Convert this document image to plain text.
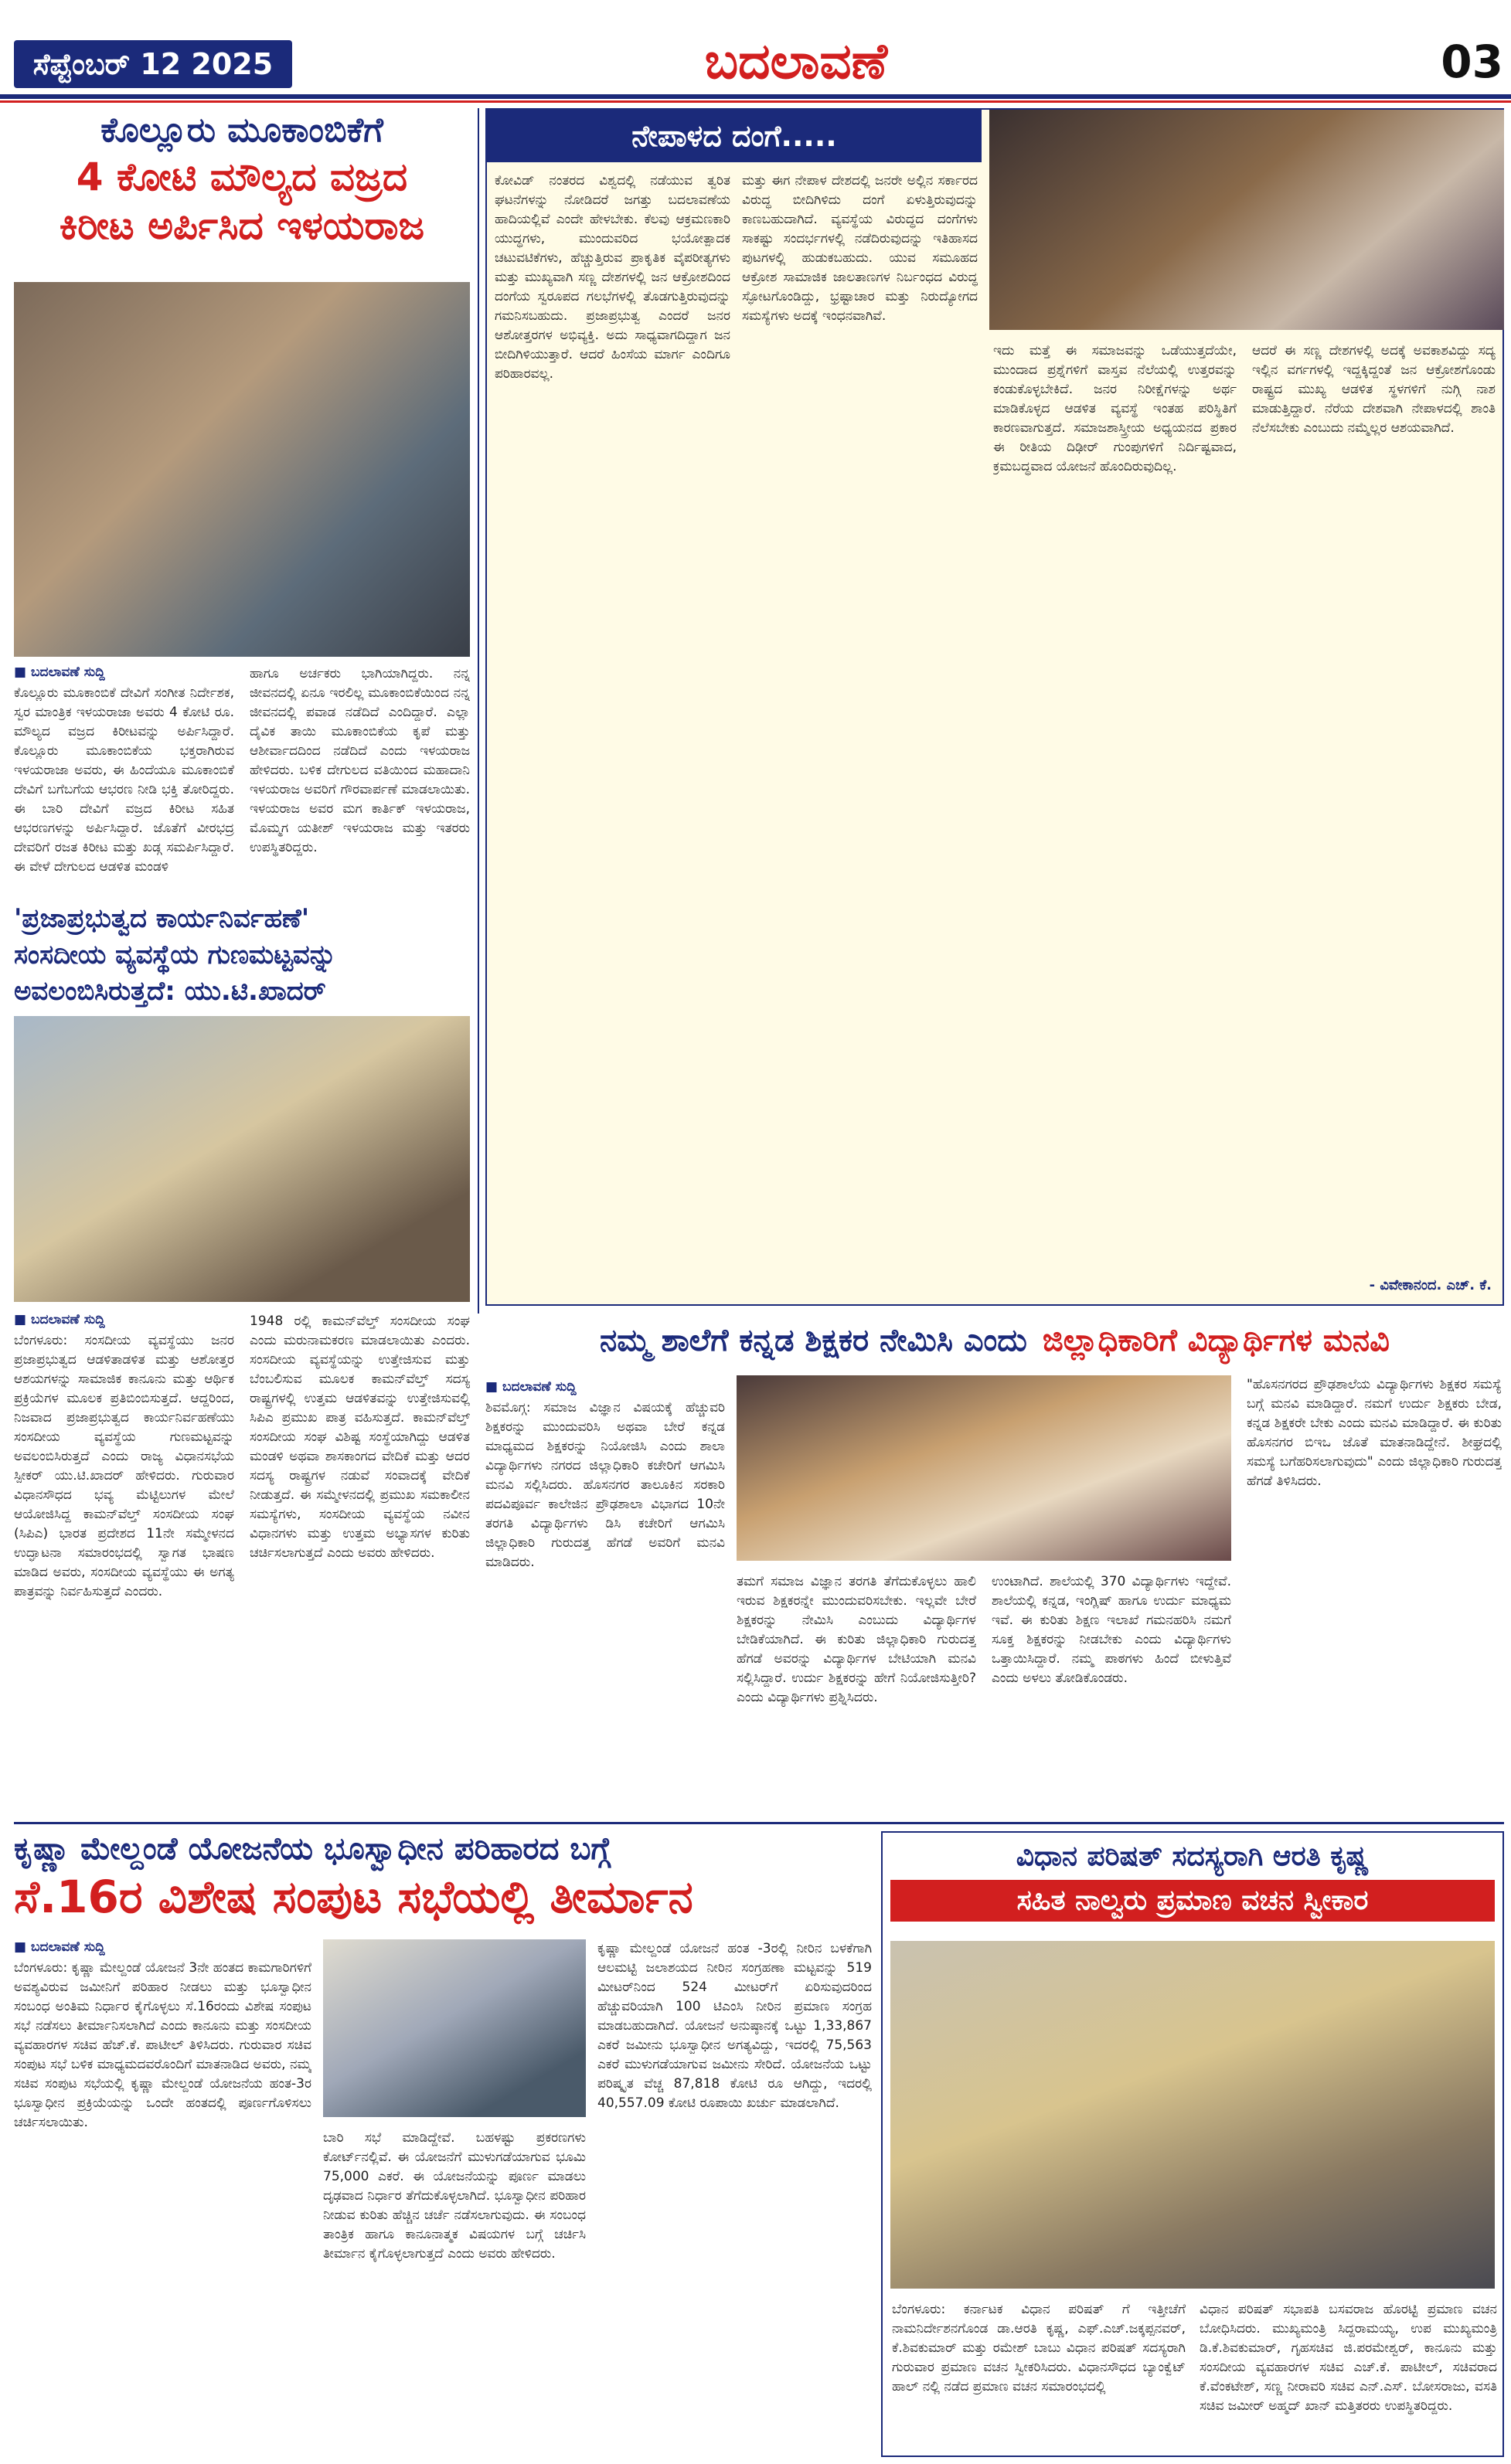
ಸೆಪ್ಟೆಂಬರ್ 12 2025	ಬದಲಾವಣೆ	03
ಕೊಲ್ಲೂರು ಮೂಕಾಂಬಿಕೆಗೆ
4 ಕೋಟಿ ಮೌಲ್ಯದ ವಜ್ರದ
ಕಿರೀಟ ಅರ್ಪಿಸಿದ ಇಳಯರಾಜ
■ ಬದಲಾವಣೆ ಸುದ್ದಿ
ಕೊಲ್ಲೂರು ಮೂಕಾಂಬಿಕೆ ದೇವಿಗೆ ಸಂಗೀತ ನಿರ್ದೇಶಕ, ಸ್ವರ ಮಾಂತ್ರಿಕ ಇಳಯರಾಜಾ ಅವರು 4 ಕೋಟಿ ರೂ. ಮೌಲ್ಯದ ವಜ್ರದ ಕಿರೀಟವನ್ನು ಅರ್ಪಿಸಿದ್ದಾರೆ. ಕೊಲ್ಲೂರು ಮೂಕಾಂಬಿಕೆಯ ಭಕ್ತರಾಗಿರುವ ಇಳಯರಾಜಾ ಅವರು, ಈ ಹಿಂದೆಯೂ ಮೂಕಾಂಬಿಕೆ ದೇವಿಗೆ ಬಗೆಬಗೆಯ ಆಭರಣ ನೀಡಿ ಭಕ್ತಿ ತೋರಿದ್ದರು. ಈ ಬಾರಿ ದೇವಿಗೆ ವಜ್ರದ ಕಿರೀಟ ಸಹಿತ ಆಭರಣಗಳನ್ನು ಅರ್ಪಿಸಿದ್ದಾರೆ. ಜೊತೆಗೆ ವೀರಭದ್ರ ದೇವರಿಗೆ ರಜತ ಕಿರೀಟ ಮತ್ತು ಖಡ್ಗ ಸಮರ್ಪಿಸಿದ್ದಾರೆ. ಈ ವೇಳೆ ದೇಗುಲದ ಆಡಳಿತ ಮಂಡಳಿ
ಹಾಗೂ ಅರ್ಚಕರು ಭಾಗಿಯಾಗಿದ್ದರು. ನನ್ನ ಜೀವನದಲ್ಲಿ ಏನೂ ಇರಲಿಲ್ಲ ಮೂಕಾಂಬಿಕೆಯಿಂದ ನನ್ನ ಜೀವನದಲ್ಲಿ ಪವಾಡ ನಡೆದಿದೆ ಎಂದಿದ್ದಾರೆ. ಎಲ್ಲಾ ದೈವಿಕ ತಾಯಿ ಮೂಕಾಂಬಿಕೆಯ ಕೃಪೆ ಮತ್ತು ಆಶೀರ್ವಾದದಿಂದ ನಡೆದಿದೆ ಎಂದು ಇಳಯರಾಜ ಹೇಳಿದರು. ಬಳಿಕ ದೇಗುಲದ ವತಿಯಿಂದ ಮಹಾದಾನಿ ಇಳಯರಾಜ ಅವರಿಗೆ ಗೌರವಾರ್ಪಣೆ ಮಾಡಲಾಯಿತು. ಇಳಯರಾಜ ಅವರ ಮಗ ಕಾರ್ತಿಕ್ ಇಳಯರಾಜ, ಮೊಮ್ಮಗ ಯತೀಶ್ ಇಳಯರಾಜ ಮತ್ತು ಇತರರು ಉಪಸ್ಥಿತರಿದ್ದರು.
ನೇಪಾಳದ ದಂಗೆ.....
ಕೋವಿಡ್ ನಂತರದ ವಿಶ್ವದಲ್ಲಿ ನಡೆಯುವ ತ್ವರಿತ ಘಟನೆಗಳನ್ನು ನೋಡಿದರೆ ಜಗತ್ತು ಬದಲಾವಣೆಯ ಹಾದಿಯಲ್ಲಿವೆ ಎಂದೇ ಹೇಳಬೇಕು. ಕೆಲವು ಆಕ್ರಮಣಕಾರಿ ಯುದ್ಧಗಳು, ಮುಂದುವರಿದ ಭಯೋತ್ಪಾದಕ ಚಟುವಟಿಕೆಗಳು, ಹೆಚ್ಚುತ್ತಿರುವ ಪ್ರಾಕೃತಿಕ ವೈಪರೀತ್ಯಗಳು ಮತ್ತು ಮುಖ್ಯವಾಗಿ ಸಣ್ಣ ದೇಶಗಳಲ್ಲಿ ಜನ ಆಕ್ರೋಶದಿಂದ ದಂಗೆಯ ಸ್ವರೂಪದ ಗಲಭೆಗಳಲ್ಲಿ ತೊಡಗುತ್ತಿರುವುದನ್ನು ಗಮನಿಸಬಹುದು. ಪ್ರಜಾಪ್ರಭುತ್ವ ಎಂದರೆ ಜನರ ಆಶೋತ್ತರಗಳ ಅಭಿವ್ಯಕ್ತಿ. ಅದು ಸಾಧ್ಯವಾಗದಿದ್ದಾಗ ಜನ ಬೀದಿಗಿಳಿಯುತ್ತಾರೆ. ಆದರೆ ಹಿಂಸೆಯ ಮಾರ್ಗ ಎಂದಿಗೂ ಪರಿಹಾರವಲ್ಲ.
ಮತ್ತು ಈಗ ನೇಪಾಳ ದೇಶದಲ್ಲಿ ಜನರೇ ಅಲ್ಲಿನ ಸರ್ಕಾರದ ವಿರುದ್ಧ ಬೀದಿಗಿಳಿದು ದಂಗೆ ಏಳುತ್ತಿರುವುದನ್ನು ಕಾಣಬಹುದಾಗಿದೆ. ವ್ಯವಸ್ಥೆಯ ವಿರುದ್ಧದ ದಂಗೆಗಳು ಸಾಕಷ್ಟು ಸಂದರ್ಭಗಳಲ್ಲಿ ನಡೆದಿರುವುದನ್ನು ಇತಿಹಾಸದ ಪುಟಗಳಲ್ಲಿ ಹುಡುಕಬಹುದು. ಯುವ ಸಮೂಹದ ಆಕ್ರೋಶ ಸಾಮಾಜಿಕ ಜಾಲತಾಣಗಳ ನಿರ್ಬಂಧದ ವಿರುದ್ಧ ಸ್ಫೋಟಗೊಂಡಿದ್ದು, ಭ್ರಷ್ಟಾಚಾರ ಮತ್ತು ನಿರುದ್ಯೋಗದ ಸಮಸ್ಯೆಗಳು ಅದಕ್ಕೆ ಇಂಧನವಾಗಿವೆ.
ಇದು ಮತ್ತೆ ಈ ಸಮಾಜವನ್ನು ಒಡೆಯುತ್ತದೆಯೇ, ಮುಂದಾದ ಪ್ರಶ್ನೆಗಳಿಗೆ ವಾಸ್ತವ ನೆಲೆಯಲ್ಲಿ ಉತ್ತರವನ್ನು ಕಂಡುಕೊಳ್ಳಬೇಕಿದೆ. ಜನರ ನಿರೀಕ್ಷೆಗಳನ್ನು ಅರ್ಥ ಮಾಡಿಕೊಳ್ಳದ ಆಡಳಿತ ವ್ಯವಸ್ಥೆ ಇಂತಹ ಪರಿಸ್ಥಿತಿಗೆ ಕಾರಣವಾಗುತ್ತದೆ. ಸಮಾಜಶಾಸ್ತ್ರೀಯ ಅಧ್ಯಯನದ ಪ್ರಕಾರ ಈ ರೀತಿಯ ದಿಢೀರ್ ಗುಂಪುಗಳಿಗೆ ನಿರ್ದಿಷ್ಟವಾದ, ಕ್ರಮಬದ್ಧವಾದ ಯೋಜನೆ ಹೊಂದಿರುವುದಿಲ್ಲ.
ಆದರೆ ಈ ಸಣ್ಣ ದೇಶಗಳಲ್ಲಿ ಅದಕ್ಕೆ ಅವಕಾಶವಿದ್ದು ಸದ್ಯ ಇಲ್ಲಿನ ವರ್ಗಗಳಲ್ಲಿ ಇದ್ದಕ್ಕಿದ್ದಂತೆ ಜನ ಆಕ್ರೋಶಗೊಂಡು ರಾಷ್ಟ್ರದ ಮುಖ್ಯ ಆಡಳಿತ ಸ್ಥಳಗಳಿಗೆ ನುಗ್ಗಿ ನಾಶ ಮಾಡುತ್ತಿದ್ದಾರೆ. ನೆರೆಯ ದೇಶವಾಗಿ ನೇಪಾಳದಲ್ಲಿ ಶಾಂತಿ ನೆಲೆಸಬೇಕು ಎಂಬುದು ನಮ್ಮೆಲ್ಲರ ಆಶಯವಾಗಿದೆ.
- ವಿವೇಕಾನಂದ. ಎಚ್. ಕೆ.
'ಪ್ರಜಾಪ್ರಭುತ್ವದ ಕಾರ್ಯನಿರ್ವಹಣೆ'
ಸಂಸದೀಯ ವ್ಯವಸ್ಥೆಯ ಗುಣಮಟ್ಟವನ್ನು
ಅವಲಂಬಿಸಿರುತ್ತದೆ: ಯು.ಟಿ.ಖಾದರ್
■ ಬದಲಾವಣೆ ಸುದ್ದಿ
ಬೆಂಗಳೂರು: ಸಂಸದೀಯ ವ್ಯವಸ್ಥೆಯು ಜನರ ಪ್ರಜಾಪ್ರಭುತ್ವದ ಆಡಳಿತಾಡಳಿತ ಮತ್ತು ಆಶೋತ್ತರ ಆಶಯಗಳನ್ನು ಸಾಮಾಜಿಕ ಕಾನೂನು ಮತ್ತು ಆರ್ಥಿಕ ಪ್ರಕ್ರಿಯೆಗಳ ಮೂಲಕ ಪ್ರತಿಬಿಂಬಿಸುತ್ತದೆ. ಆದ್ದರಿಂದ, ನಿಜವಾದ ಪ್ರಜಾಪ್ರಭುತ್ವದ ಕಾರ್ಯನಿರ್ವಹಣೆಯು ಸಂಸದೀಯ ವ್ಯವಸ್ಥೆಯ ಗುಣಮಟ್ಟವನ್ನು ಅವಲಂಬಿಸಿರುತ್ತದೆ ಎಂದು ರಾಜ್ಯ ವಿಧಾನಸಭೆಯ ಸ್ಪೀಕರ್ ಯು.ಟಿ.ಖಾದರ್ ಹೇಳಿದರು. ಗುರುವಾರ ವಿಧಾನಸೌಧದ ಭವ್ಯ ಮೆಟ್ಟಿಲುಗಳ ಮೇಲೆ ಆಯೋಜಿಸಿದ್ದ ಕಾಮನ್‌ವೆಲ್ತ್ ಸಂಸದೀಯ ಸಂಘ (ಸಿಪಿಎ) ಭಾರತ ಪ್ರದೇಶದ 11ನೇ ಸಮ್ಮೇಳನದ ಉದ್ಘಾಟನಾ ಸಮಾರಂಭದಲ್ಲಿ ಸ್ವಾಗತ ಭಾಷಣ ಮಾಡಿದ ಅವರು, ಸಂಸದೀಯ ವ್ಯವಸ್ಥೆಯು ಈ ಅಗತ್ಯ ಪಾತ್ರವನ್ನು ನಿರ್ವಹಿಸುತ್ತದೆ ಎಂದರು.
1948 ರಲ್ಲಿ ಕಾಮನ್‌ವೆಲ್ತ್ ಸಂಸದೀಯ ಸಂಘ ಎಂದು ಮರುನಾಮಕರಣ ಮಾಡಲಾಯಿತು ಎಂದರು. ಸಂಸದೀಯ ವ್ಯವಸ್ಥೆಯನ್ನು ಉತ್ತೇಜಿಸುವ ಮತ್ತು ಬೆಂಬಲಿಸುವ ಮೂಲಕ ಕಾಮನ್‌ವೆಲ್ತ್ ಸದಸ್ಯ ರಾಷ್ಟ್ರಗಳಲ್ಲಿ ಉತ್ತಮ ಆಡಳಿತವನ್ನು ಉತ್ತೇಜಿಸುವಲ್ಲಿ ಸಿಪಿಎ ಪ್ರಮುಖ ಪಾತ್ರ ವಹಿಸುತ್ತದೆ. ಕಾಮನ್‌ವೆಲ್ತ್ ಸಂಸದೀಯ ಸಂಘ ವಿಶಿಷ್ಟ ಸಂಸ್ಥೆಯಾಗಿದ್ದು ಆಡಳಿತ ಮಂಡಳಿ ಅಥವಾ ಶಾಸಕಾಂಗದ ವೇದಿಕೆ ಮತ್ತು ಆದರ ಸದಸ್ಯ ರಾಷ್ಟ್ರಗಳ ನಡುವೆ ಸಂವಾದಕ್ಕೆ ವೇದಿಕೆ ನೀಡುತ್ತದೆ. ಈ ಸಮ್ಮೇಳನದಲ್ಲಿ ಪ್ರಮುಖ ಸಮಕಾಲೀನ ಸಮಸ್ಯೆಗಳು, ಸಂಸದೀಯ ವ್ಯವಸ್ಥೆಯ ನವೀನ ವಿಧಾನಗಳು ಮತ್ತು ಉತ್ತಮ ಅಭ್ಯಾಸಗಳ ಕುರಿತು ಚರ್ಚಿಸಲಾಗುತ್ತದೆ ಎಂದು ಅವರು ಹೇಳಿದರು.
ನಮ್ಮ ಶಾಲೆಗೆ ಕನ್ನಡ ಶಿಕ್ಷಕರ ನೇಮಿಸಿ ಎಂದು ಜಿಲ್ಲಾಧಿಕಾರಿಗೆ ವಿದ್ಯಾರ್ಥಿಗಳ ಮನವಿ
■ ಬದಲಾವಣೆ ಸುದ್ದಿ
ಶಿವಮೊಗ್ಗ: ಸಮಾಜ ವಿಜ್ಞಾನ ವಿಷಯಕ್ಕೆ ಹೆಚ್ಚುವರಿ ಶಿಕ್ಷಕರನ್ನು ಮುಂದುವರಿಸಿ ಅಥವಾ ಬೇರೆ ಕನ್ನಡ ಮಾಧ್ಯಮದ ಶಿಕ್ಷಕರನ್ನು ನಿಯೋಜಿಸಿ ಎಂದು ಶಾಲಾ ವಿದ್ಯಾರ್ಥಿಗಳು ನಗರದ ಜಿಲ್ಲಾಧಿಕಾರಿ ಕಚೇರಿಗೆ ಆಗಮಿಸಿ ಮನವಿ ಸಲ್ಲಿಸಿದರು. ಹೊಸನಗರ ತಾಲೂಕಿನ ಸರಕಾರಿ ಪದವಿಪೂರ್ವ ಕಾಲೇಜಿನ ಪ್ರೌಢಶಾಲಾ ವಿಭಾಗದ 10ನೇ ತರಗತಿ ವಿದ್ಯಾರ್ಥಿಗಳು ಡಿಸಿ ಕಚೇರಿಗೆ ಆಗಮಿಸಿ ಜಿಲ್ಲಾಧಿಕಾರಿ ಗುರುದತ್ತ ಹೆಗಡೆ ಅವರಿಗೆ ಮನವಿ ಮಾಡಿದರು.
ತಮಗೆ ಸಮಾಜ ವಿಜ್ಞಾನ ತರಗತಿ ತೆಗೆದುಕೊಳ್ಳಲು ಹಾಲಿ ಇರುವ ಶಿಕ್ಷಕರನ್ನೇ ಮುಂದುವರಿಸಬೇಕು. ಇಲ್ಲವೇ ಬೇರೆ ಶಿಕ್ಷಕರನ್ನು ನೇಮಿಸಿ ಎಂಬುದು ವಿದ್ಯಾರ್ಥಿಗಳ ಬೇಡಿಕೆಯಾಗಿದೆ. ಈ ಕುರಿತು ಜಿಲ್ಲಾಧಿಕಾರಿ ಗುರುದತ್ತ ಹೆಗಡೆ ಅವರನ್ನು ವಿದ್ಯಾರ್ಥಿಗಳ ಬೇಟಿಯಾಗಿ ಮನವಿ ಸಲ್ಲಿಸಿದ್ದಾರೆ. ಉರ್ದು ಶಿಕ್ಷಕರನ್ನು ಹೇಗೆ ನಿಯೋಜಿಸುತ್ತೀರಿ? ಎಂದು ವಿದ್ಯಾರ್ಥಿಗಳು ಪ್ರಶ್ನಿಸಿದರು.
ಉಂಟಾಗಿದೆ. ಶಾಲೆಯಲ್ಲಿ 370 ವಿದ್ಯಾರ್ಥಿಗಳು ಇದ್ದೇವೆ. ಶಾಲೆಯಲ್ಲಿ ಕನ್ನಡ, ಇಂಗ್ಲಿಷ್ ಹಾಗೂ ಉರ್ದು ಮಾಧ್ಯಮ ಇವೆ. ಈ ಕುರಿತು ಶಿಕ್ಷಣ ಇಲಾಖೆ ಗಮನಹರಿಸಿ ನಮಗೆ ಸೂಕ್ತ ಶಿಕ್ಷಕರನ್ನು ನೀಡಬೇಕು ಎಂದು ವಿದ್ಯಾರ್ಥಿಗಳು ಒತ್ತಾಯಿಸಿದ್ದಾರೆ. ನಮ್ಮ ಪಾಠಗಳು ಹಿಂದೆ ಬೀಳುತ್ತಿವೆ ಎಂದು ಅಳಲು ತೋಡಿಕೊಂಡರು.
"ಹೊಸನಗರದ ಪ್ರೌಢಶಾಲೆಯ ವಿದ್ಯಾರ್ಥಿಗಳು ಶಿಕ್ಷಕರ ಸಮಸ್ಯೆ ಬಗ್ಗೆ ಮನವಿ ಮಾಡಿದ್ದಾರೆ. ನಮಗೆ ಉರ್ದು ಶಿಕ್ಷಕರು ಬೇಡ, ಕನ್ನಡ ಶಿಕ್ಷಕರೇ ಬೇಕು ಎಂದು ಮನವಿ ಮಾಡಿದ್ದಾರೆ. ಈ ಕುರಿತು ಹೊಸನಗರ ಬಿಇಒ ಜೊತೆ ಮಾತನಾಡಿದ್ದೇನೆ. ಶೀಘ್ರದಲ್ಲಿ ಸಮಸ್ಯೆ ಬಗೆಹರಿಸಲಾಗುವುದು" ಎಂದು ಜಿಲ್ಲಾಧಿಕಾರಿ ಗುರುದತ್ತ ಹೆಗಡೆ ತಿಳಿಸಿದರು.
ಕೃಷ್ಣಾ ಮೇಲ್ದಂಡೆ ಯೋಜನೆಯ ಭೂಸ್ವಾಧೀನ ಪರಿಹಾರದ ಬಗ್ಗೆ
ಸೆ.16ರ ವಿಶೇಷ ಸಂಪುಟ ಸಭೆಯಲ್ಲಿ ತೀರ್ಮಾನ
■ ಬದಲಾವಣೆ ಸುದ್ದಿ
ಬೆಂಗಳೂರು: ಕೃಷ್ಣಾ ಮೇಲ್ದಂಡೆ ಯೋಜನೆ 3ನೇ ಹಂತದ ಕಾಮಗಾರಿಗಳಿಗೆ ಅವಶ್ಯವಿರುವ ಜಮೀನಿಗೆ ಪರಿಹಾರ ನೀಡಲು ಮತ್ತು ಭೂಸ್ವಾಧೀನ ಸಂಬಂಧ ಅಂತಿಮ ನಿರ್ಧಾರ ಕೈಗೊಳ್ಳಲು ಸೆ.16ರಂದು ವಿಶೇಷ ಸಂಪುಟ ಸಭೆ ನಡೆಸಲು ತೀರ್ಮಾನಿಸಲಾಗಿದೆ ಎಂದು ಕಾನೂನು ಮತ್ತು ಸಂಸದೀಯ ವ್ಯವಹಾರಗಳ ಸಚಿವ ಹೆಚ್.ಕೆ. ಪಾಟೀಲ್ ತಿಳಿಸಿದರು. ಗುರುವಾರ ಸಚಿವ ಸಂಪುಟ ಸಭೆ ಬಳಿಕ ಮಾಧ್ಯಮದವರೊಂದಿಗೆ ಮಾತನಾಡಿದ ಅವರು, ನಮ್ಮ ಸಚಿವ ಸಂಪುಟ ಸಭೆಯಲ್ಲಿ ಕೃಷ್ಣಾ ಮೇಲ್ದಂಡೆ ಯೋಜನೆಯ ಹಂತ-3ರ ಭೂಸ್ವಾಧೀನ ಪ್ರಕ್ರಿಯೆಯನ್ನು ಒಂದೇ ಹಂತದಲ್ಲಿ ಪೂರ್ಣಗೊಳಿಸಲು ಚರ್ಚಿಸಲಾಯಿತು.
ಬಾರಿ ಸಭೆ ಮಾಡಿದ್ದೇವೆ. ಬಹಳಷ್ಟು ಪ್ರಕರಣಗಳು ಕೋರ್ಟ್‌ನಲ್ಲಿವೆ. ಈ ಯೋಜನೆಗೆ ಮುಳುಗಡೆಯಾಗುವ ಭೂಮಿ 75,000 ಎಕರೆ. ಈ ಯೋಜನೆಯನ್ನು ಪೂರ್ಣ ಮಾಡಲು ದೃಢವಾದ ನಿರ್ಧಾರ ತೆಗೆದುಕೊಳ್ಳಲಾಗಿದೆ. ಭೂಸ್ವಾಧೀನ ಪರಿಹಾರ ನೀಡುವ ಕುರಿತು ಹೆಚ್ಚಿನ ಚರ್ಚೆ ನಡೆಸಲಾಗುವುದು. ಈ ಸಂಬಂಧ ತಾಂತ್ರಿಕ ಹಾಗೂ ಕಾನೂನಾತ್ಮಕ ವಿಷಯಗಳ ಬಗ್ಗೆ ಚರ್ಚಿಸಿ ತೀರ್ಮಾನ ಕೈಗೊಳ್ಳಲಾಗುತ್ತದೆ ಎಂದು ಅವರು ಹೇಳಿದರು.
ಕೃಷ್ಣಾ ಮೇಲ್ದಂಡೆ ಯೋಜನೆ ಹಂತ -3ರಲ್ಲಿ ನೀರಿನ ಬಳಕೆಗಾಗಿ ಆಲಮಟ್ಟಿ ಜಲಾಶಯದ ನೀರಿನ ಸಂಗ್ರಹಣಾ ಮಟ್ಟವನ್ನು 519 ಮೀಟರ್‌ನಿಂದ 524 ಮೀಟರ್‌ಗೆ ಏರಿಸುವುದರಿಂದ ಹೆಚ್ಚುವರಿಯಾಗಿ 100 ಟಿಎಂಸಿ ನೀರಿನ ಪ್ರಮಾಣ ಸಂಗ್ರಹ ಮಾಡಬಹುದಾಗಿದೆ. ಯೋಜನೆ ಅನುಷ್ಠಾನಕ್ಕೆ ಒಟ್ಟು 1,33,867 ಎಕರೆ ಜಮೀನು ಭೂಸ್ವಾಧೀನ ಅಗತ್ಯವಿದ್ದು, ಇದರಲ್ಲಿ 75,563 ಎಕರೆ ಮುಳುಗಡೆಯಾಗುವ ಜಮೀನು ಸೇರಿದೆ. ಯೋಜನೆಯ ಒಟ್ಟು ಪರಿಷ್ಕೃತ ವೆಚ್ಚ 87,818 ಕೋಟಿ ರೂ ಆಗಿದ್ದು, ಇದರಲ್ಲಿ 40,557.09 ಕೋಟಿ ರೂಪಾಯಿ ಖರ್ಚು ಮಾಡಲಾಗಿದೆ.
ವಿಧಾನ ಪರಿಷತ್ ಸದಸ್ಯರಾಗಿ ಆರತಿ ಕೃಷ್ಣ
ಸಹಿತ ನಾಲ್ವರು ಪ್ರಮಾಣ ವಚನ ಸ್ವೀಕಾರ
ಬೆಂಗಳೂರು: ಕರ್ನಾಟಕ ವಿಧಾನ ಪರಿಷತ್ ಗೆ ಇತ್ತೀಚೆಗೆ ನಾಮನಿರ್ದೇಶನಗೊಂಡ ಡಾ.ಆರತಿ ಕೃಷ್ಣ, ಎಫ್.ಎಚ್.ಜಕ್ಕಪ್ಪನವರ್, ಕೆ.ಶಿವಕುಮಾರ್ ಮತ್ತು ರಮೇಶ್ ಬಾಬು ವಿಧಾನ ಪರಿಷತ್ ಸದಸ್ಯರಾಗಿ ಗುರುವಾರ ಪ್ರಮಾಣ ವಚನ ಸ್ವೀಕರಿಸಿದರು. ವಿಧಾನಸೌಧದ ಬ್ಯಾಂಕ್ವೆಟ್ ಹಾಲ್ ನಲ್ಲಿ ನಡೆದ ಪ್ರಮಾಣ ವಚನ ಸಮಾರಂಭದಲ್ಲಿ
ವಿಧಾನ ಪರಿಷತ್ ಸಭಾಪತಿ ಬಸವರಾಜ ಹೊರಟ್ಟಿ ಪ್ರಮಾಣ ವಚನ ಬೋಧಿಸಿದರು. ಮುಖ್ಯಮಂತ್ರಿ ಸಿದ್ದರಾಮಯ್ಯ, ಉಪ ಮುಖ್ಯಮಂತ್ರಿ ಡಿ.ಕೆ.ಶಿವಕುಮಾರ್, ಗೃಹಸಚಿವ ಜಿ.ಪರಮೇಶ್ವರ್, ಕಾನೂನು ಮತ್ತು ಸಂಸದೀಯ ವ್ಯವಹಾರಗಳ ಸಚಿವ ಎಚ್.ಕೆ. ಪಾಟೀಲ್, ಸಚಿವರಾದ ಕೆ.ವೆಂಕಟೇಶ್, ಸಣ್ಣ ನೀರಾವರಿ ಸಚಿವ ಎನ್.ಎಸ್. ಬೋಸರಾಜು, ವಸತಿ ಸಚಿವ ಜಮೀರ್ ಅಹ್ಮದ್ ಖಾನ್ ಮತ್ತಿತರರು ಉಪಸ್ಥಿತರಿದ್ದರು.
